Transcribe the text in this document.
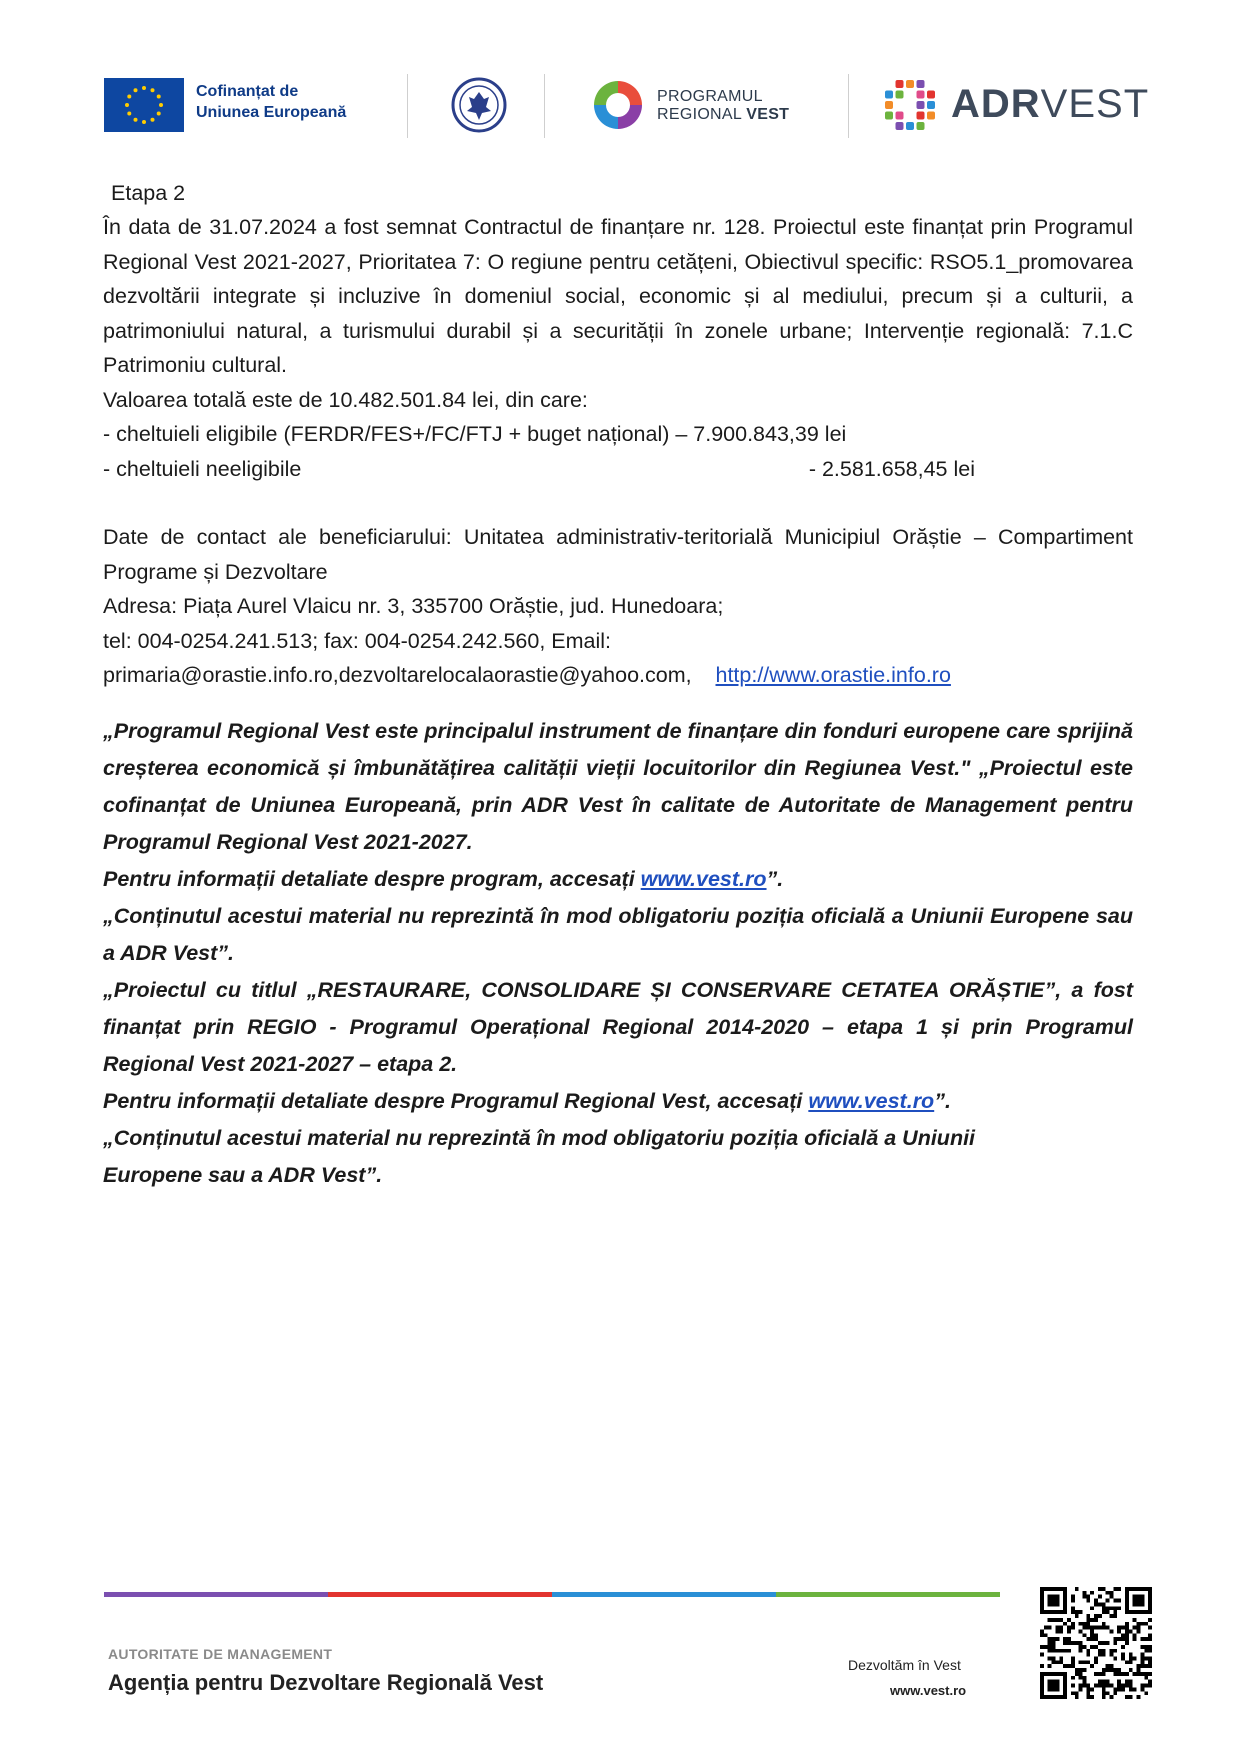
Cofinanțat de
Uniunea Europeană
PROGRAMUL
REGIONAL VEST	ADRVEST

Etapa 2

În data de 31.07.2024 a fost semnat Contractul de finanțare nr. 128. Proiectul este finanțat prin Programul Regional Vest 2021-2027, Prioritatea 7: O regiune pentru cetățeni, Obiectivul specific: RSO5.1_promovarea dezvoltării integrate și incluzive în domeniul social, economic și al mediului, precum și a culturii, a patrimoniului natural, a turismului durabil și a securității în zonele urbane; Intervenție regională: 7.1.C Patrimoniu cultural.

Valoarea totală este de 10.482.501.84 lei, din care:

- cheltuieli eligibile (FERDR/FES+/FC/FTJ + buget național) – 7.900.843,39 lei

- cheltuieli neeligibile	- 2.581.658,45 lei

Date de contact ale beneficiarului: Unitatea administrativ-teritorială Municipiul Orăștie – Compartiment Programe și Dezvoltare

Adresa: Piața Aurel Vlaicu nr. 3, 335700 Orăștie, jud. Hunedoara;

tel: 004-0254.241.513; fax: 004-0254.242.560, Email:

primaria@orastie.info.ro,dezvoltarelocalaorastie@yahoo.com, http://www.orastie.info.ro

„Programul Regional Vest este principalul instrument de finanțare din fonduri europene care sprijină creșterea economică și îmbunătățirea calității vieții locuitorilor din Regiunea Vest." „Proiectul este cofinanțat de Uniunea Europeană, prin ADR Vest în calitate de Autoritate de Management pentru Programul Regional Vest 2021-2027.

Pentru informații detaliate despre program, accesați www.vest.ro”.

„Conținutul acestui material nu reprezintă în mod obligatoriu poziția oficială a Uniunii Europene sau a ADR Vest”.

„Proiectul cu titlul „RESTAURARE, CONSOLIDARE ȘI CONSERVARE CETATEA ORĂȘTIE”, a fost finanțat prin REGIO - Programul Operațional Regional 2014-2020 – etapa 1 și prin Programul Regional Vest 2021-2027 – etapa 2.

Pentru informații detaliate despre Programul Regional Vest, accesați www.vest.ro”.

„Conținutul acestui material nu reprezintă în mod obligatoriu poziția oficială a Uniunii

Europene sau a ADR Vest”.

AUTORITATE DE MANAGEMENT
Agenția pentru Dezvoltare Regională Vest
Dezvoltăm în Vest
www.vest.ro
